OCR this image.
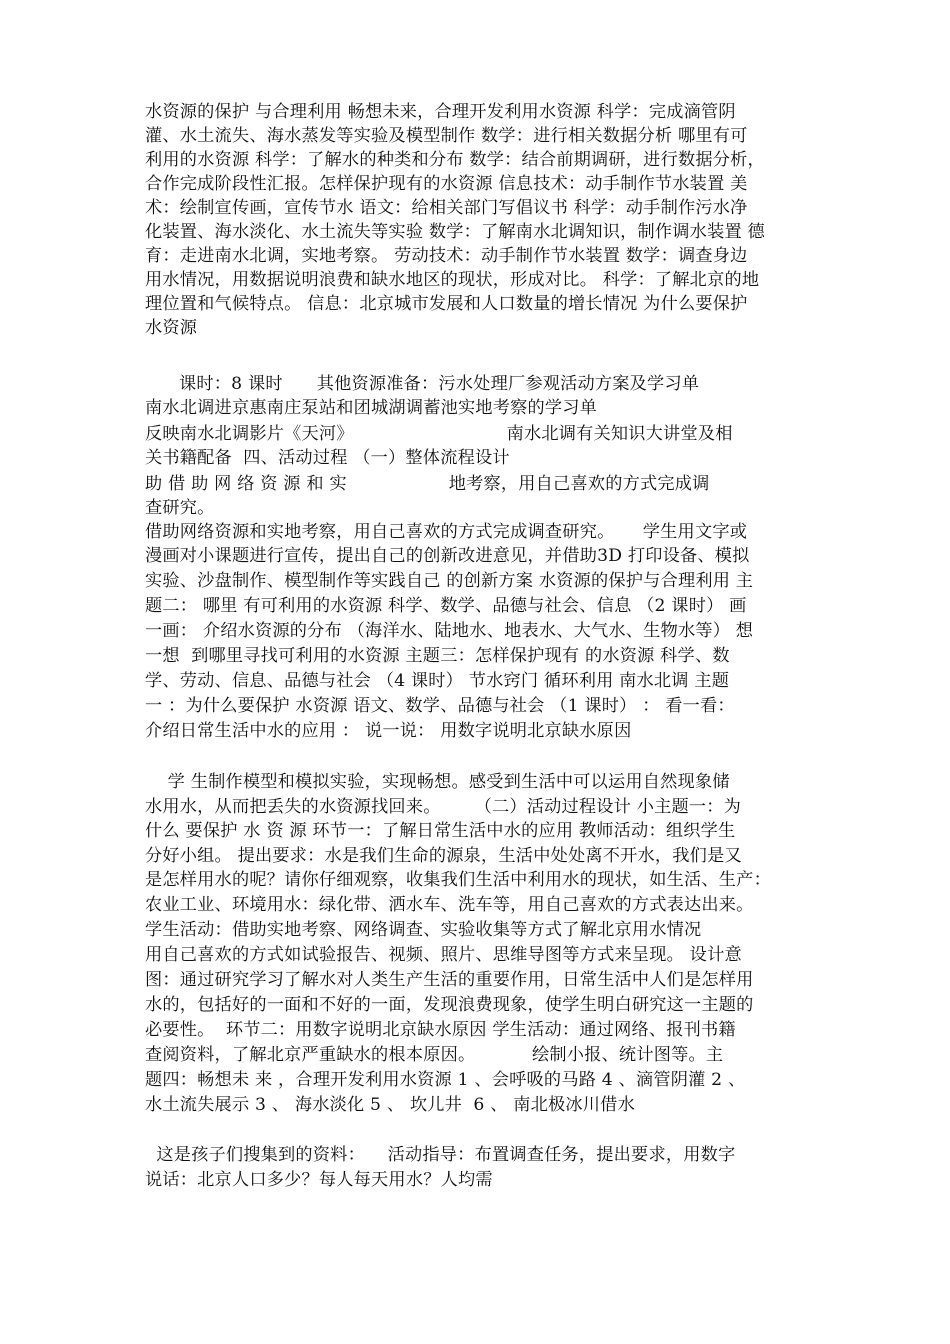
水资源的保护 与合理利用 畅想未来，合理开发利用水资源 科学：完成滴管阴
灌、水土流失、海水蒸发等实验及模型制作 数学：进行相关数据分析 哪里有可
利用的水资源 科学：了解水的种类和分布 数学：结合前期调研，进行数据分析，
合作完成阶段性汇报。怎样保护现有的水资源 信息技术：动手制作节水装置 美
术：绘制宣传画，宣传节水 语文：给相关部门写倡议书 科学：动手制作污水净
化装置、海水淡化、水土流失等实验 数学：了解南水北调知识，制作调水装置 德
育：走进南水北调，实地考察。 劳动技术：动手制作节水装置 数学：调查身边
用水情况，用数据说明浪费和缺水地区的现状，形成对比。 科学：了解北京的地
理位置和气候特点。 信息：北京城市发展和人口数量的增长情况 为什么要保护
水资源
课时：8 课时      其他资源准备：污水处理厂参观活动方案及学习单
南水北调进京惠南庄泵站和团城湖调蓄池实地考察的学习单
反映南水北调影片《天河》                           南水北调有关知识大讲堂及相
关书籍配备  四、活动过程 （一）整体流程设计
助 借 助 网 络 资 源 和 实                  地考察，用自己喜欢的方式完成调
查研究。
借助网络资源和实地考察，用自己喜欢的方式完成调查研究。     学生用文字或
漫画对小课题进行宣传，提出自己的创新改进意见，并借助3D 打印设备、模拟
实验、沙盘制作、模型制作等实践自己 的创新方案 水资源的保护与合理利用 主
题二： 哪里 有可利用的水资源 科学、数学、品德与社会、信息 （2 课时） 画
一画： 介绍水资源的分布 （海洋水、陆地水、地表水、大气水、生物水等） 想
一想  到哪里寻找可利用的水资源 主题三：怎样保护现有 的水资源 科学、数
学、劳动、信息、品德与社会 （4 课时） 节水窍门 循环利用 南水北调 主题
一 ：为什么要保护 水资源 语文、数学、品德与社会 （1 课时） ： 看一看：
介绍日常生活中水的应用 ： 说一说： 用数字说明北京缺水原因
学 生制作模型和模拟实验，实现畅想。感受到生活中可以运用自然现象储
水用水，从而把丢失的水资源找回来。      （二）活动过程设计 小主题一：为
什么 要保护 水 资 源 环节一：了解日常生活中水的应用 教师活动：组织学生
分好小组。 提出要求：水是我们生命的源泉，生活中处处离不开水，我们是又
是怎样用水的呢？请你仔细观察，收集我们生活中利用水的现状，如生活、生产：
农业工业、环境用水：绿化带、洒水车、洗车等，用自己喜欢的方式表达出来。
学生活动：借助实地考察、网络调查、实验收集等方式了解北京用水情况
用自己喜欢的方式如试验报告、视频、照片、思维导图等方式来呈现。 设计意
图：通过研究学习了解水对人类生产生活的重要作用，日常生活中人们是怎样用
水的，包括好的一面和不好的一面，发现浪费现象，使学生明白研究这一主题的
必要性。  环节二：用数字说明北京缺水原因 学生活动：通过网络、报刊书籍
查阅资料，了解北京严重缺水的根本原因。          绘制小报、统计图等。主
题四：畅想未 来 ，合理开发利用水资源 1 、会呼吸的马路 4 、滴管阴灌 2 、
水土流失展示 3 、 海水淡化 5 、 坎儿井  6 、 南北极冰川借水
这是孩子们搜集到的资料：    活动指导：布置调查任务，提出要求，用数字
说话：北京人口多少？每人每天用水？人均需
